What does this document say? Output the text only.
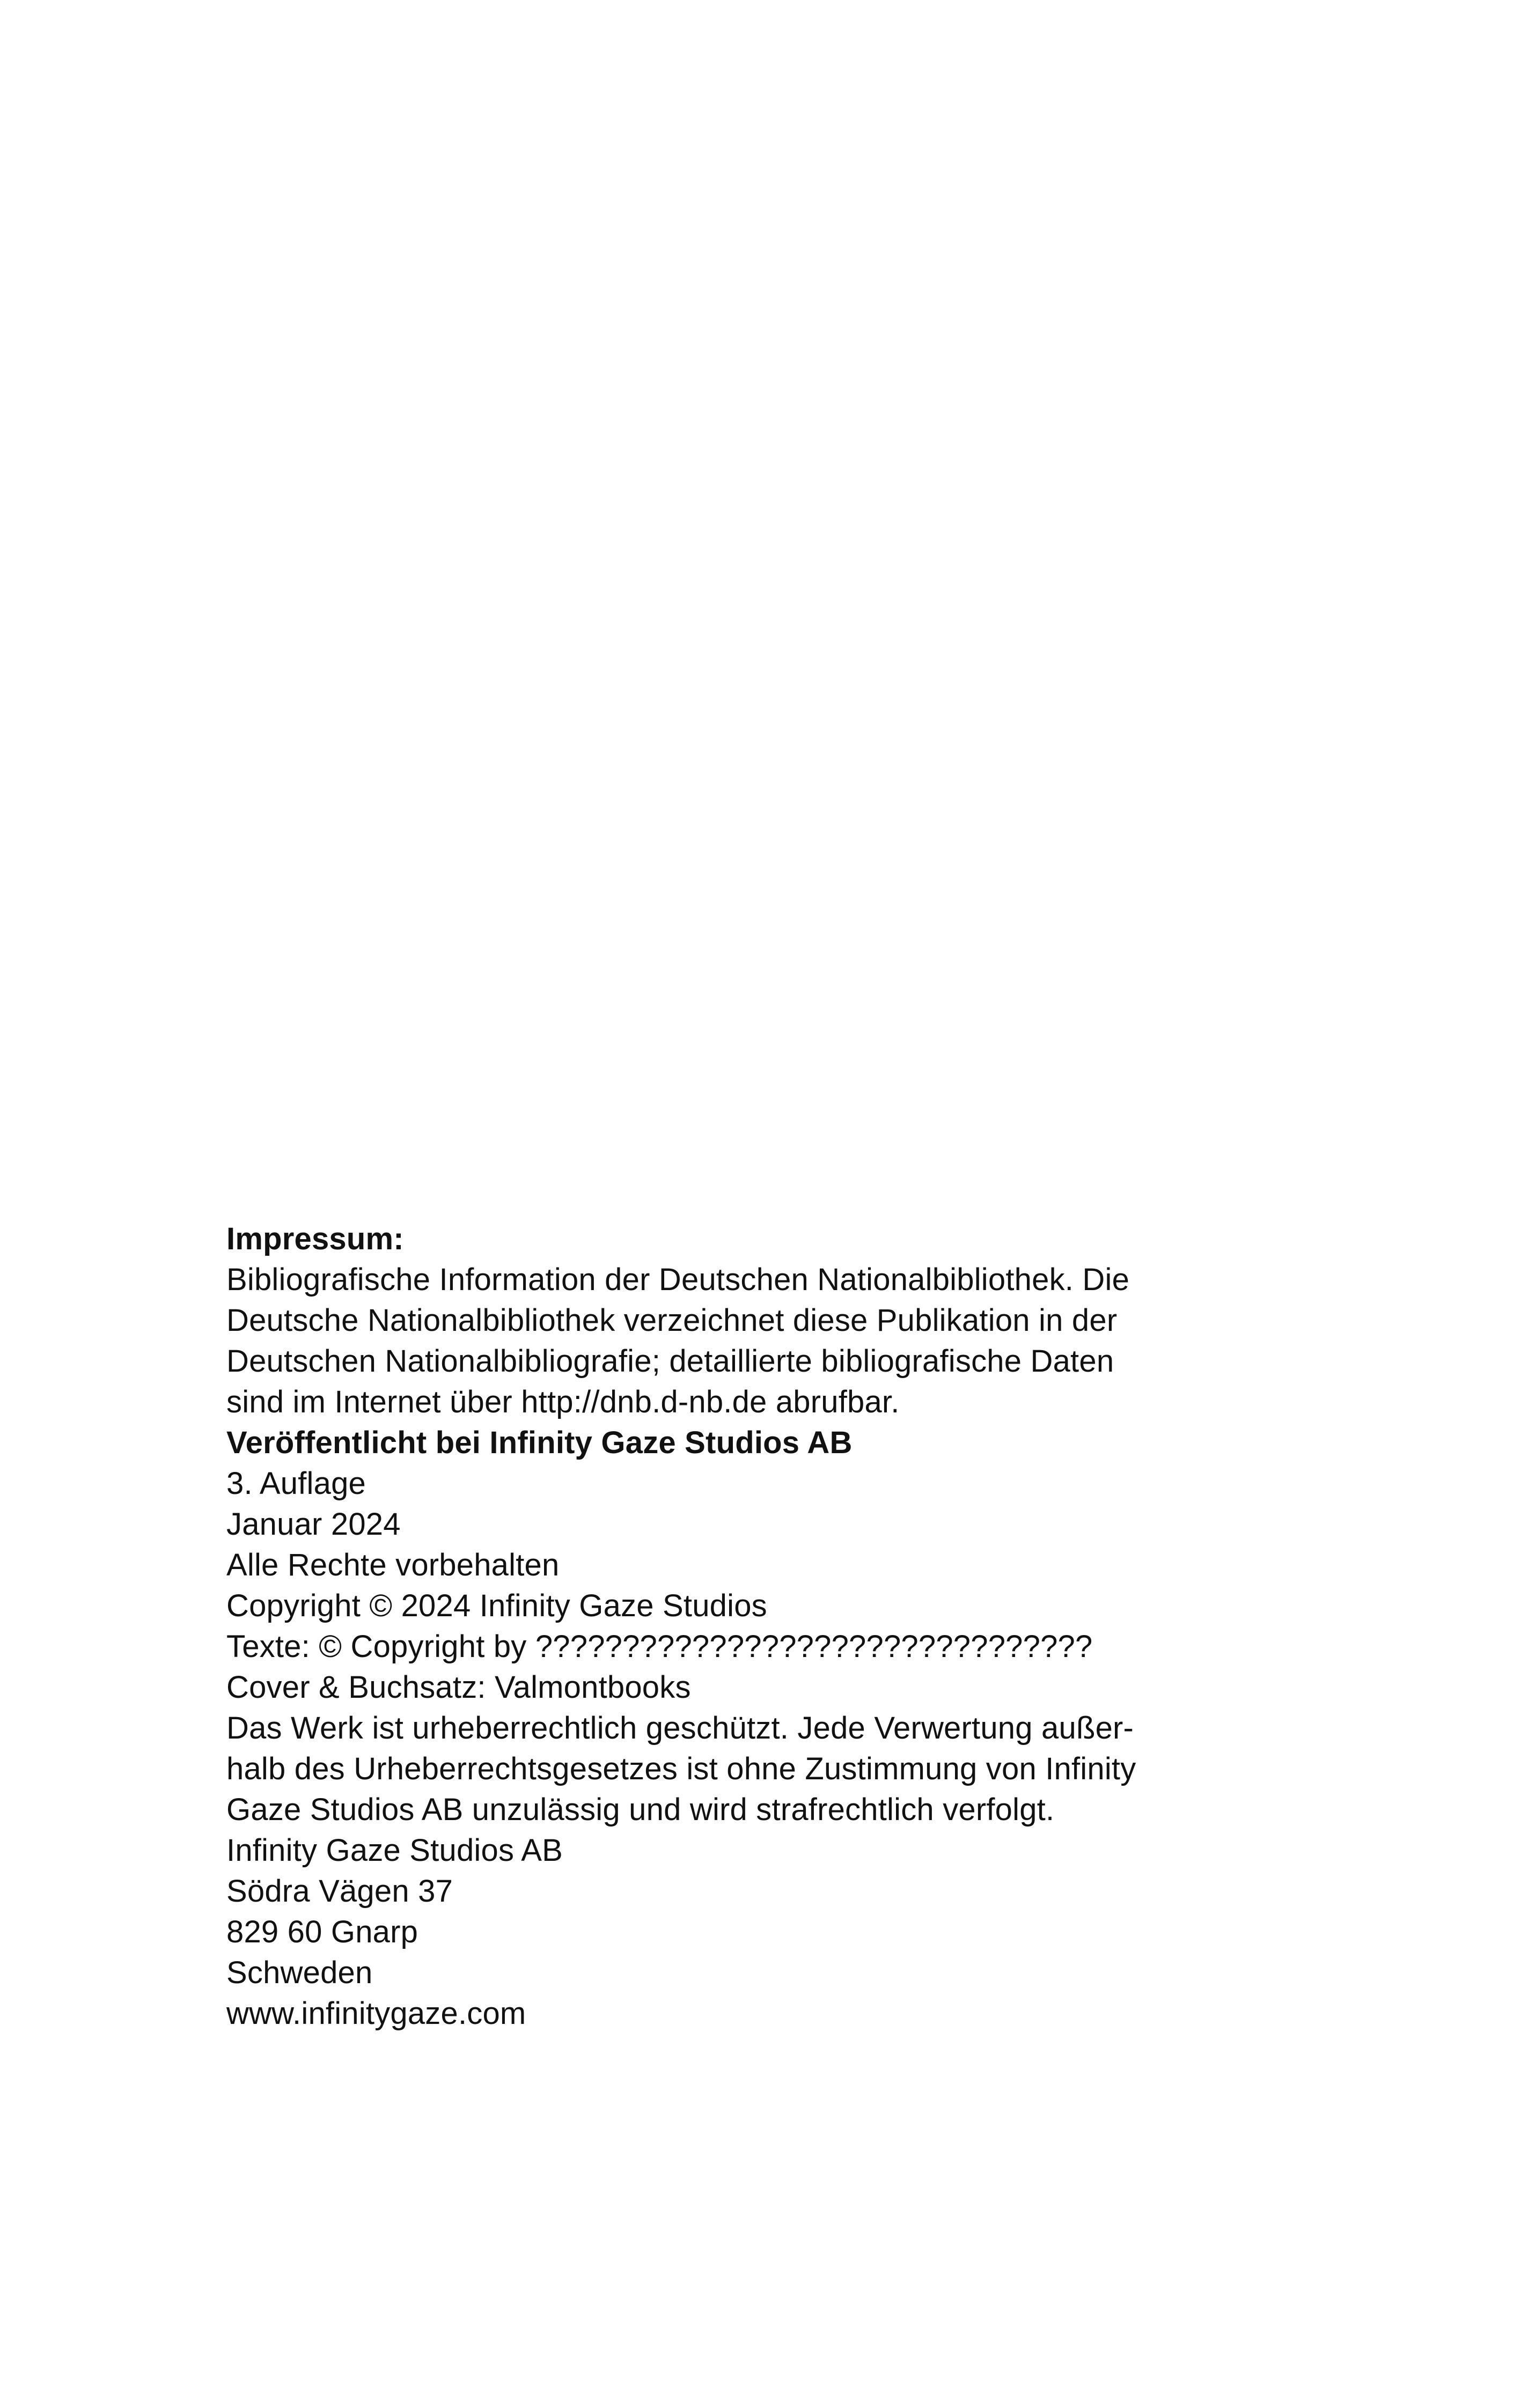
Impressum:
Bibliografische Information der Deutschen Nationalbibliothek. Die
Deutsche Nationalbibliothek verzeichnet diese Publikation in der
Deutschen Nationalbibliografie; detaillierte bibliografische Daten
sind im Internet über http://dnb.d-nb.de abrufbar.
Veröffentlicht bei Infinity Gaze Studios AB
3. Auflage
Januar 2024
Alle Rechte vorbehalten
Copyright © 2024 Infinity Gaze Studios
Texte: © Copyright by ????????????????????????????????
Cover & Buchsatz: Valmontbooks
Das Werk ist urheberrechtlich geschützt. Jede Verwertung außer-
halb des Urheberrechtsgesetzes ist ohne Zustimmung von Infinity
Gaze Studios AB unzulässig und wird strafrechtlich verfolgt.
Infinity Gaze Studios AB
Södra Vägen 37
829 60 Gnarp
Schweden
www.infinitygaze.com
